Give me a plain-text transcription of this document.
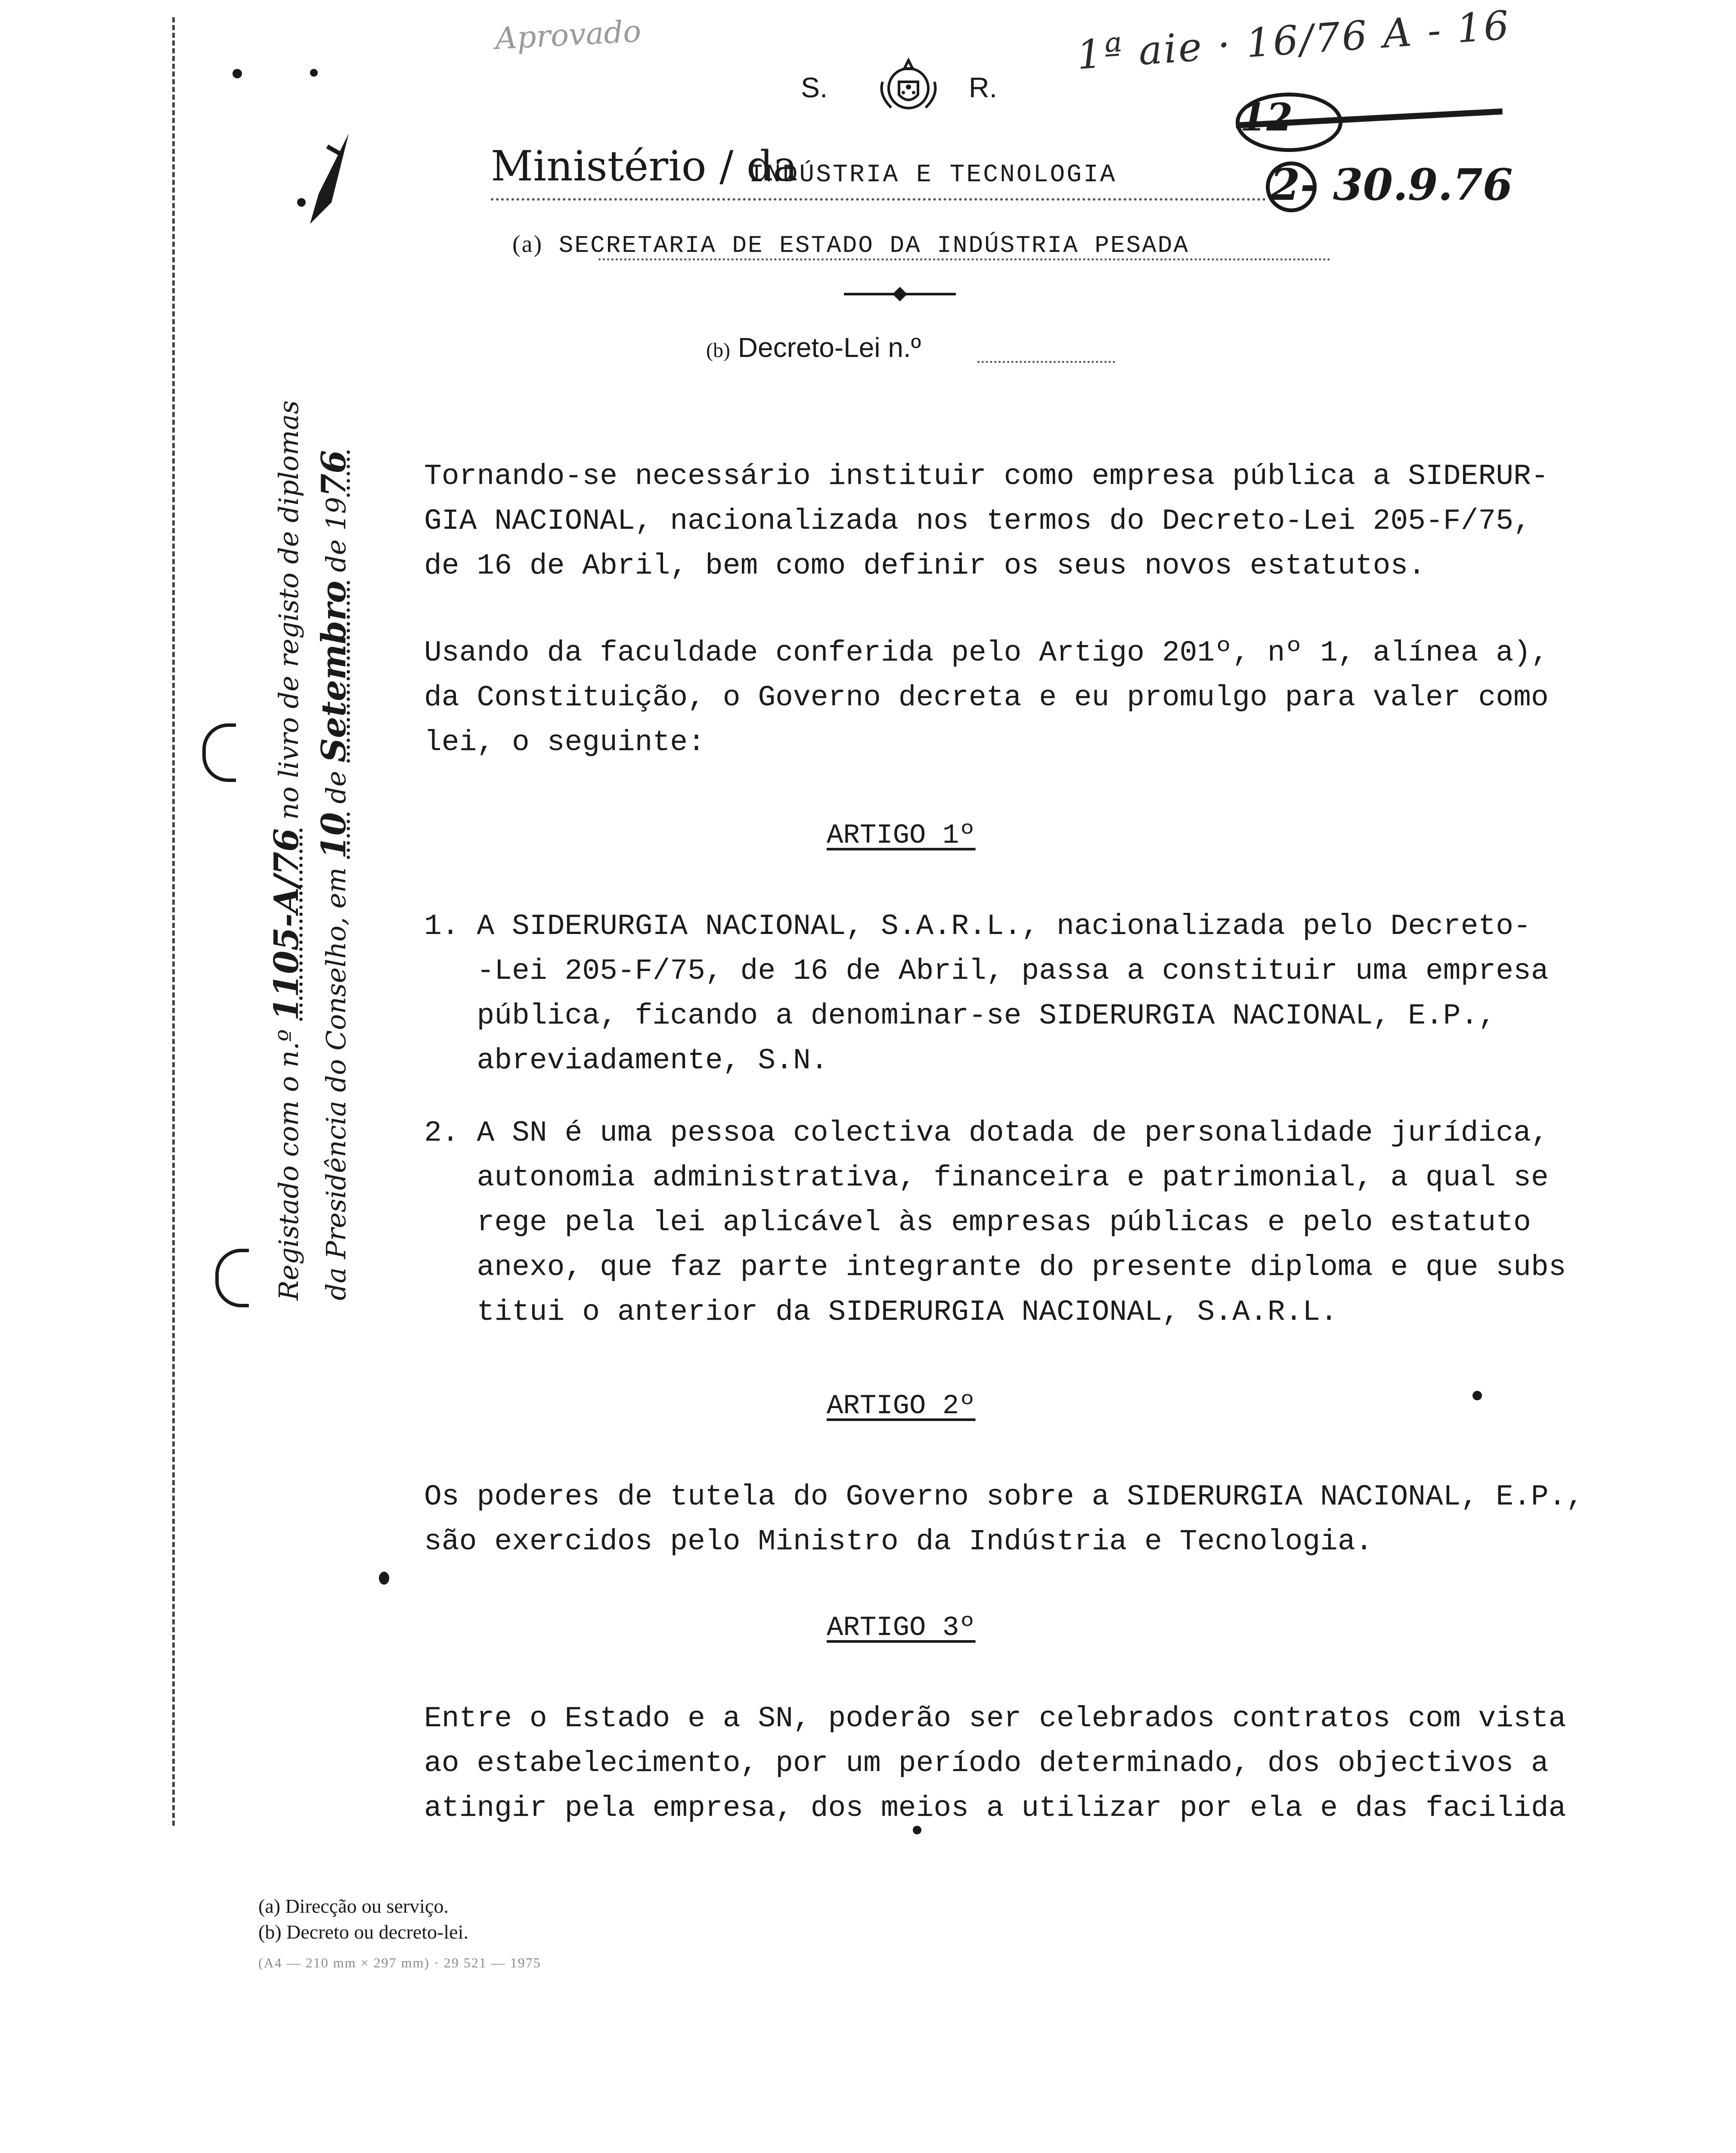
Aprovado	1ª aie · 16/76 A - 16
S.	R.
Ministério / da
INDÚSTRIA E TECNOLOGIA
12
2- 30.9.76
(a) SECRETARIA DE ESTADO DA INDÚSTRIA PESADA
(b) Decreto-Lei n.º
Tornando-se necessário instituir como empresa pública a SIDERUR-
GIA NACIONAL, nacionalizada nos termos do Decreto-Lei 205-F/75,
de 16 de Abril, bem como definir os seus novos estatutos.
Usando da faculdade conferida pelo Artigo 201º, nº 1, alínea a),
da Constituição, o Governo decreta e eu promulgo para valer como
lei, o seguinte:
ARTIGO 1º
1. A SIDERURGIA NACIONAL, S.A.R.L., nacionalizada pelo Decreto-
-Lei 205-F/75, de 16 de Abril, passa a constituir uma empresa
pública, ficando a denominar-se SIDERURGIA NACIONAL, E.P.,
abreviadamente, S.N.
2. A SN é uma pessoa colectiva dotada de personalidade jurídica,
autonomia administrativa, financeira e patrimonial, a qual se
rege pela lei aplicável às empresas públicas e pelo estatuto
anexo, que faz parte integrante do presente diploma e que subs
titui o anterior da SIDERURGIA NACIONAL, S.A.R.L.
ARTIGO 2º
Os poderes de tutela do Governo sobre a SIDERURGIA NACIONAL, E.P.,
são exercidos pelo Ministro da Indústria e Tecnologia.
ARTIGO 3º
Entre o Estado e a SN, poderão ser celebrados contratos com vista
ao estabelecimento, por um período determinado, dos objectivos a
atingir pela empresa, dos meios a utilizar por ela e das facilida
Registado com o n.º 1105-A/76 no livro de registo de diplomas
da Presidência do Conselho, em 10 de Setembro de 1976
(a) Direcção ou serviço.
(b) Decreto ou decreto-lei.
(A4 — 210 mm × 297 mm) · 29 521 — 1975
